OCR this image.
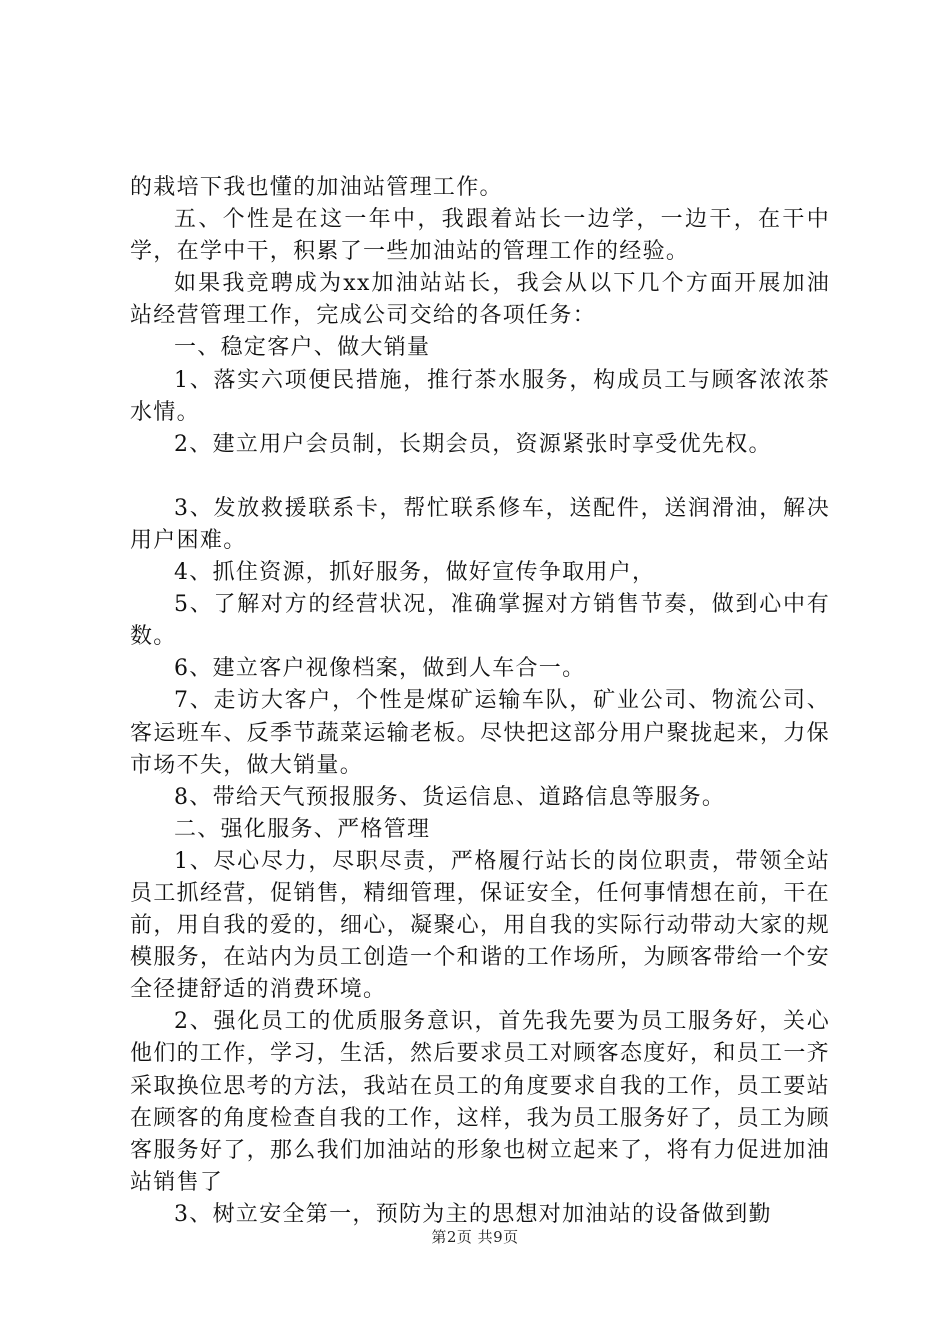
的栽培下我也懂的加油站管理工作。

五、个性是在这一年中，我跟着站长一边学，一边干，在干中学，在学中干，积累了一些加油站的管理工作的经验。

如果我竞聘成为xx加油站站长，我会从以下几个方面开展加油站经营管理工作，完成公司交给的各项任务：

一、稳定客户、做大销量

1、落实六项便民措施，推行茶水服务，构成员工与顾客浓浓茶水情。

2、建立用户会员制，长期会员，资源紧张时享受优先权。

3、发放救援联系卡，帮忙联系修车，送配件，送润滑油，解决用户困难。

4、抓住资源，抓好服务，做好宣传争取用户，

5、了解对方的经营状况，准确掌握对方销售节奏，做到心中有数。

6、建立客户视像档案，做到人车合一。

7、走访大客户，个性是煤矿运输车队，矿业公司、物流公司、客运班车、反季节蔬菜运输老板。尽快把这部分用户聚拢起来，力保市场不失，做大销量。

8、带给天气预报服务、货运信息、道路信息等服务。

二、强化服务、严格管理

1、尽心尽力，尽职尽责，严格履行站长的岗位职责，带领全站员工抓经营，促销售，精细管理，保证安全，任何事情想在前，干在前，用自我的爱的，细心，凝聚心，用自我的实际行动带动大家的规模服务，在站内为员工创造一个和谐的工作场所，为顾客带给一个安全径捷舒适的消费环境。

2、强化员工的优质服务意识，首先我先要为员工服务好，关心他们的工作，学习，生活，然后要求员工对顾客态度好，和员工一齐采取换位思考的方法，我站在员工的角度要求自我的工作，员工要站在顾客的角度检查自我的工作，这样，我为员工服务好了，员工为顾客服务好了，那么我们加油站的形象也树立起来了，将有力促进加油站销售了

3、树立安全第一，预防为主的思想对加油站的设备做到勤

第2页 共9页
